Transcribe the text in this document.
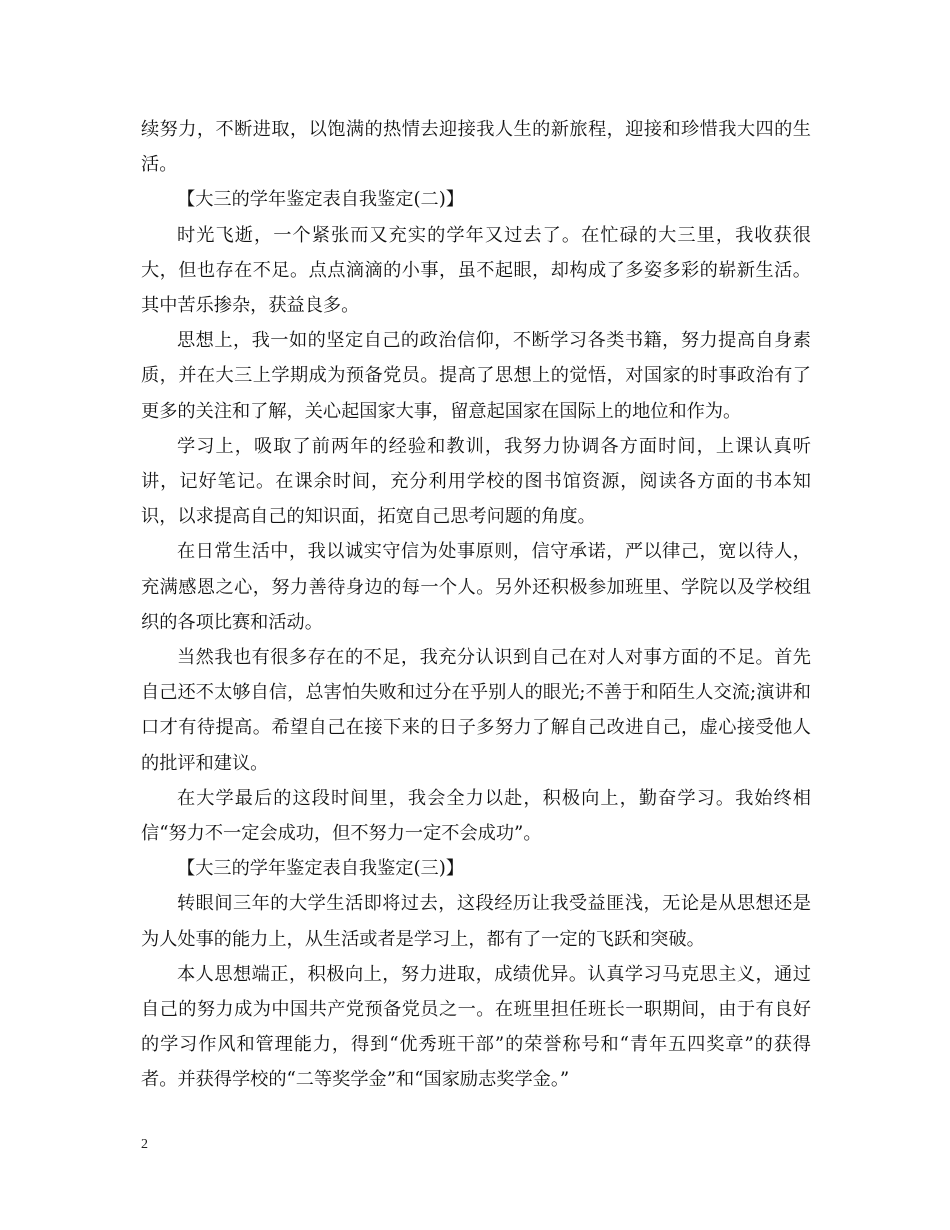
续努力，不断进取，以饱满的热情去迎接我人生的新旅程，迎接和珍惜我大四的生活。

【大三的学年鉴定表自我鉴定(二)】

时光飞逝，一个紧张而又充实的学年又过去了。在忙碌的大三里，我收获很大，但也存在不足。点点滴滴的小事，虽不起眼，却构成了多姿多彩的崭新生活。其中苦乐掺杂，获益良多。

思想上，我一如的坚定自己的政治信仰，不断学习各类书籍，努力提高自身素质，并在大三上学期成为预备党员。提高了思想上的觉悟，对国家的时事政治有了更多的关注和了解，关心起国家大事，留意起国家在国际上的地位和作为。

学习上，吸取了前两年的经验和教训，我努力协调各方面时间，上课认真听讲，记好笔记。在课余时间，充分利用学校的图书馆资源，阅读各方面的书本知识，以求提高自己的知识面，拓宽自己思考问题的角度。

在日常生活中，我以诚实守信为处事原则，信守承诺，严以律己，宽以待人，充满感恩之心，努力善待身边的每一个人。另外还积极参加班里、学院以及学校组织的各项比赛和活动。

当然我也有很多存在的不足，我充分认识到自己在对人对事方面的不足。首先自己还不太够自信，总害怕失败和过分在乎别人的眼光;不善于和陌生人交流;演讲和口才有待提高。希望自己在接下来的日子多努力了解自己改进自己，虚心接受他人的批评和建议。

在大学最后的这段时间里，我会全力以赴，积极向上，勤奋学习。我始终相信“努力不一定会成功，但不努力一定不会成功”。

【大三的学年鉴定表自我鉴定(三)】

转眼间三年的大学生活即将过去，这段经历让我受益匪浅，无论是从思想还是为人处事的能力上，从生活或者是学习上，都有了一定的飞跃和突破。

本人思想端正，积极向上，努力进取，成绩优异。认真学习马克思主义，通过自己的努力成为中国共产党预备党员之一。在班里担任班长一职期间，由于有良好的学习作风和管理能力，得到“优秀班干部”的荣誉称号和“青年五四奖章”的获得者。并获得学校的“二等奖学金”和“国家励志奖学金。”

2
